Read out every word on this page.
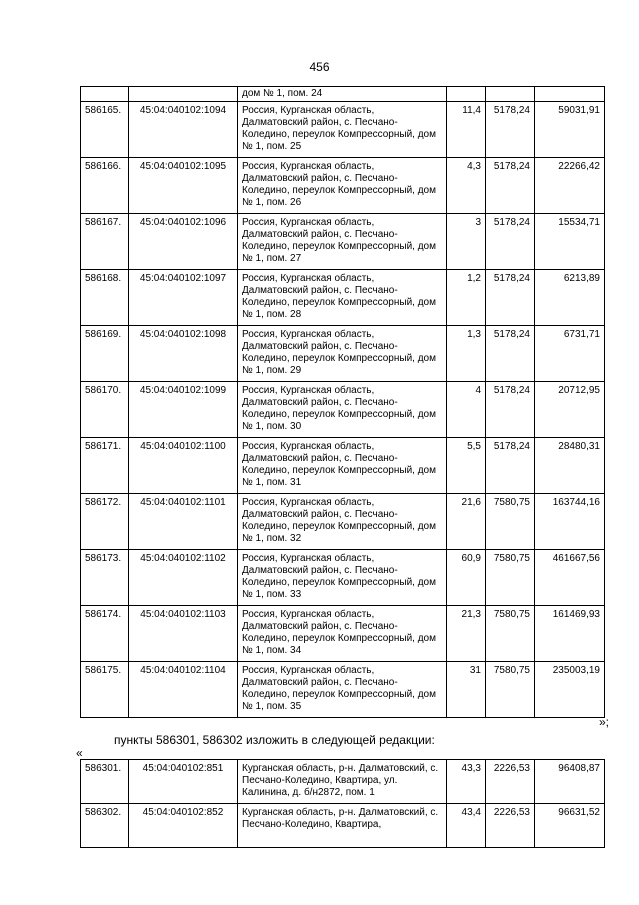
456
		дом № 1, пом. 24			
586165.	45:04:040102:1094	Россия, Курганская область, Далматовский район, с. Песчано-Коледино, переулок Компрессорный, дом № 1, пом. 25	11,4	5178,24	59031,91
586166.	45:04:040102:1095	Россия, Курганская область, Далматовский район, с. Песчано-Коледино, переулок Компрессорный, дом № 1, пом. 26	4,3	5178,24	22266,42
586167.	45:04:040102:1096	Россия, Курганская область, Далматовский район, с. Песчано-Коледино, переулок Компрессорный, дом № 1, пом. 27	3	5178,24	15534,71
586168.	45:04:040102:1097	Россия, Курганская область, Далматовский район, с. Песчано-Коледино, переулок Компрессорный, дом № 1, пом. 28	1,2	5178,24	6213,89
586169.	45:04:040102:1098	Россия, Курганская область, Далматовский район, с. Песчано-Коледино, переулок Компрессорный, дом № 1, пом. 29	1,3	5178,24	6731,71
586170.	45:04:040102:1099	Россия, Курганская область, Далматовский район, с. Песчано-Коледино, переулок Компрессорный, дом № 1, пом. 30	4	5178,24	20712,95
586171.	45:04:040102:1100	Россия, Курганская область, Далматовский район, с. Песчано-Коледино, переулок Компрессорный, дом № 1, пом. 31	5,5	5178,24	28480,31
586172.	45:04:040102:1101	Россия, Курганская область, Далматовский район, с. Песчано-Коледино, переулок Компрессорный, дом № 1, пом. 32	21,6	7580,75	163744,16
586173.	45:04:040102:1102	Россия, Курганская область, Далматовский район, с. Песчано-Коледино, переулок Компрессорный, дом № 1, пом. 33	60,9	7580,75	461667,56
586174.	45:04:040102:1103	Россия, Курганская область, Далматовский район, с. Песчано-Коледино, переулок Компрессорный, дом № 1, пом. 34	21,3	7580,75	161469,93
586175.	45:04:040102:1104	Россия, Курганская область, Далматовский район, с. Песчано-Коледино, переулок Компрессорный, дом № 1, пом. 35	31	7580,75	235003,19
»;
пункты 586301, 586302 изложить в следующей редакции:
«
586301.	45:04:040102:851	Курганская область, р-н. Далматовский, с. Песчано-Коледино, Квартира, ул. Калинина, д. б/н2872, пом. 1	43,3	2226,53	96408,87
586302.	45:04:040102:852	Курганская область, р-н. Далматовский, с. Песчано-Коледино, Квартира,	43,4	2226,53	96631,52
